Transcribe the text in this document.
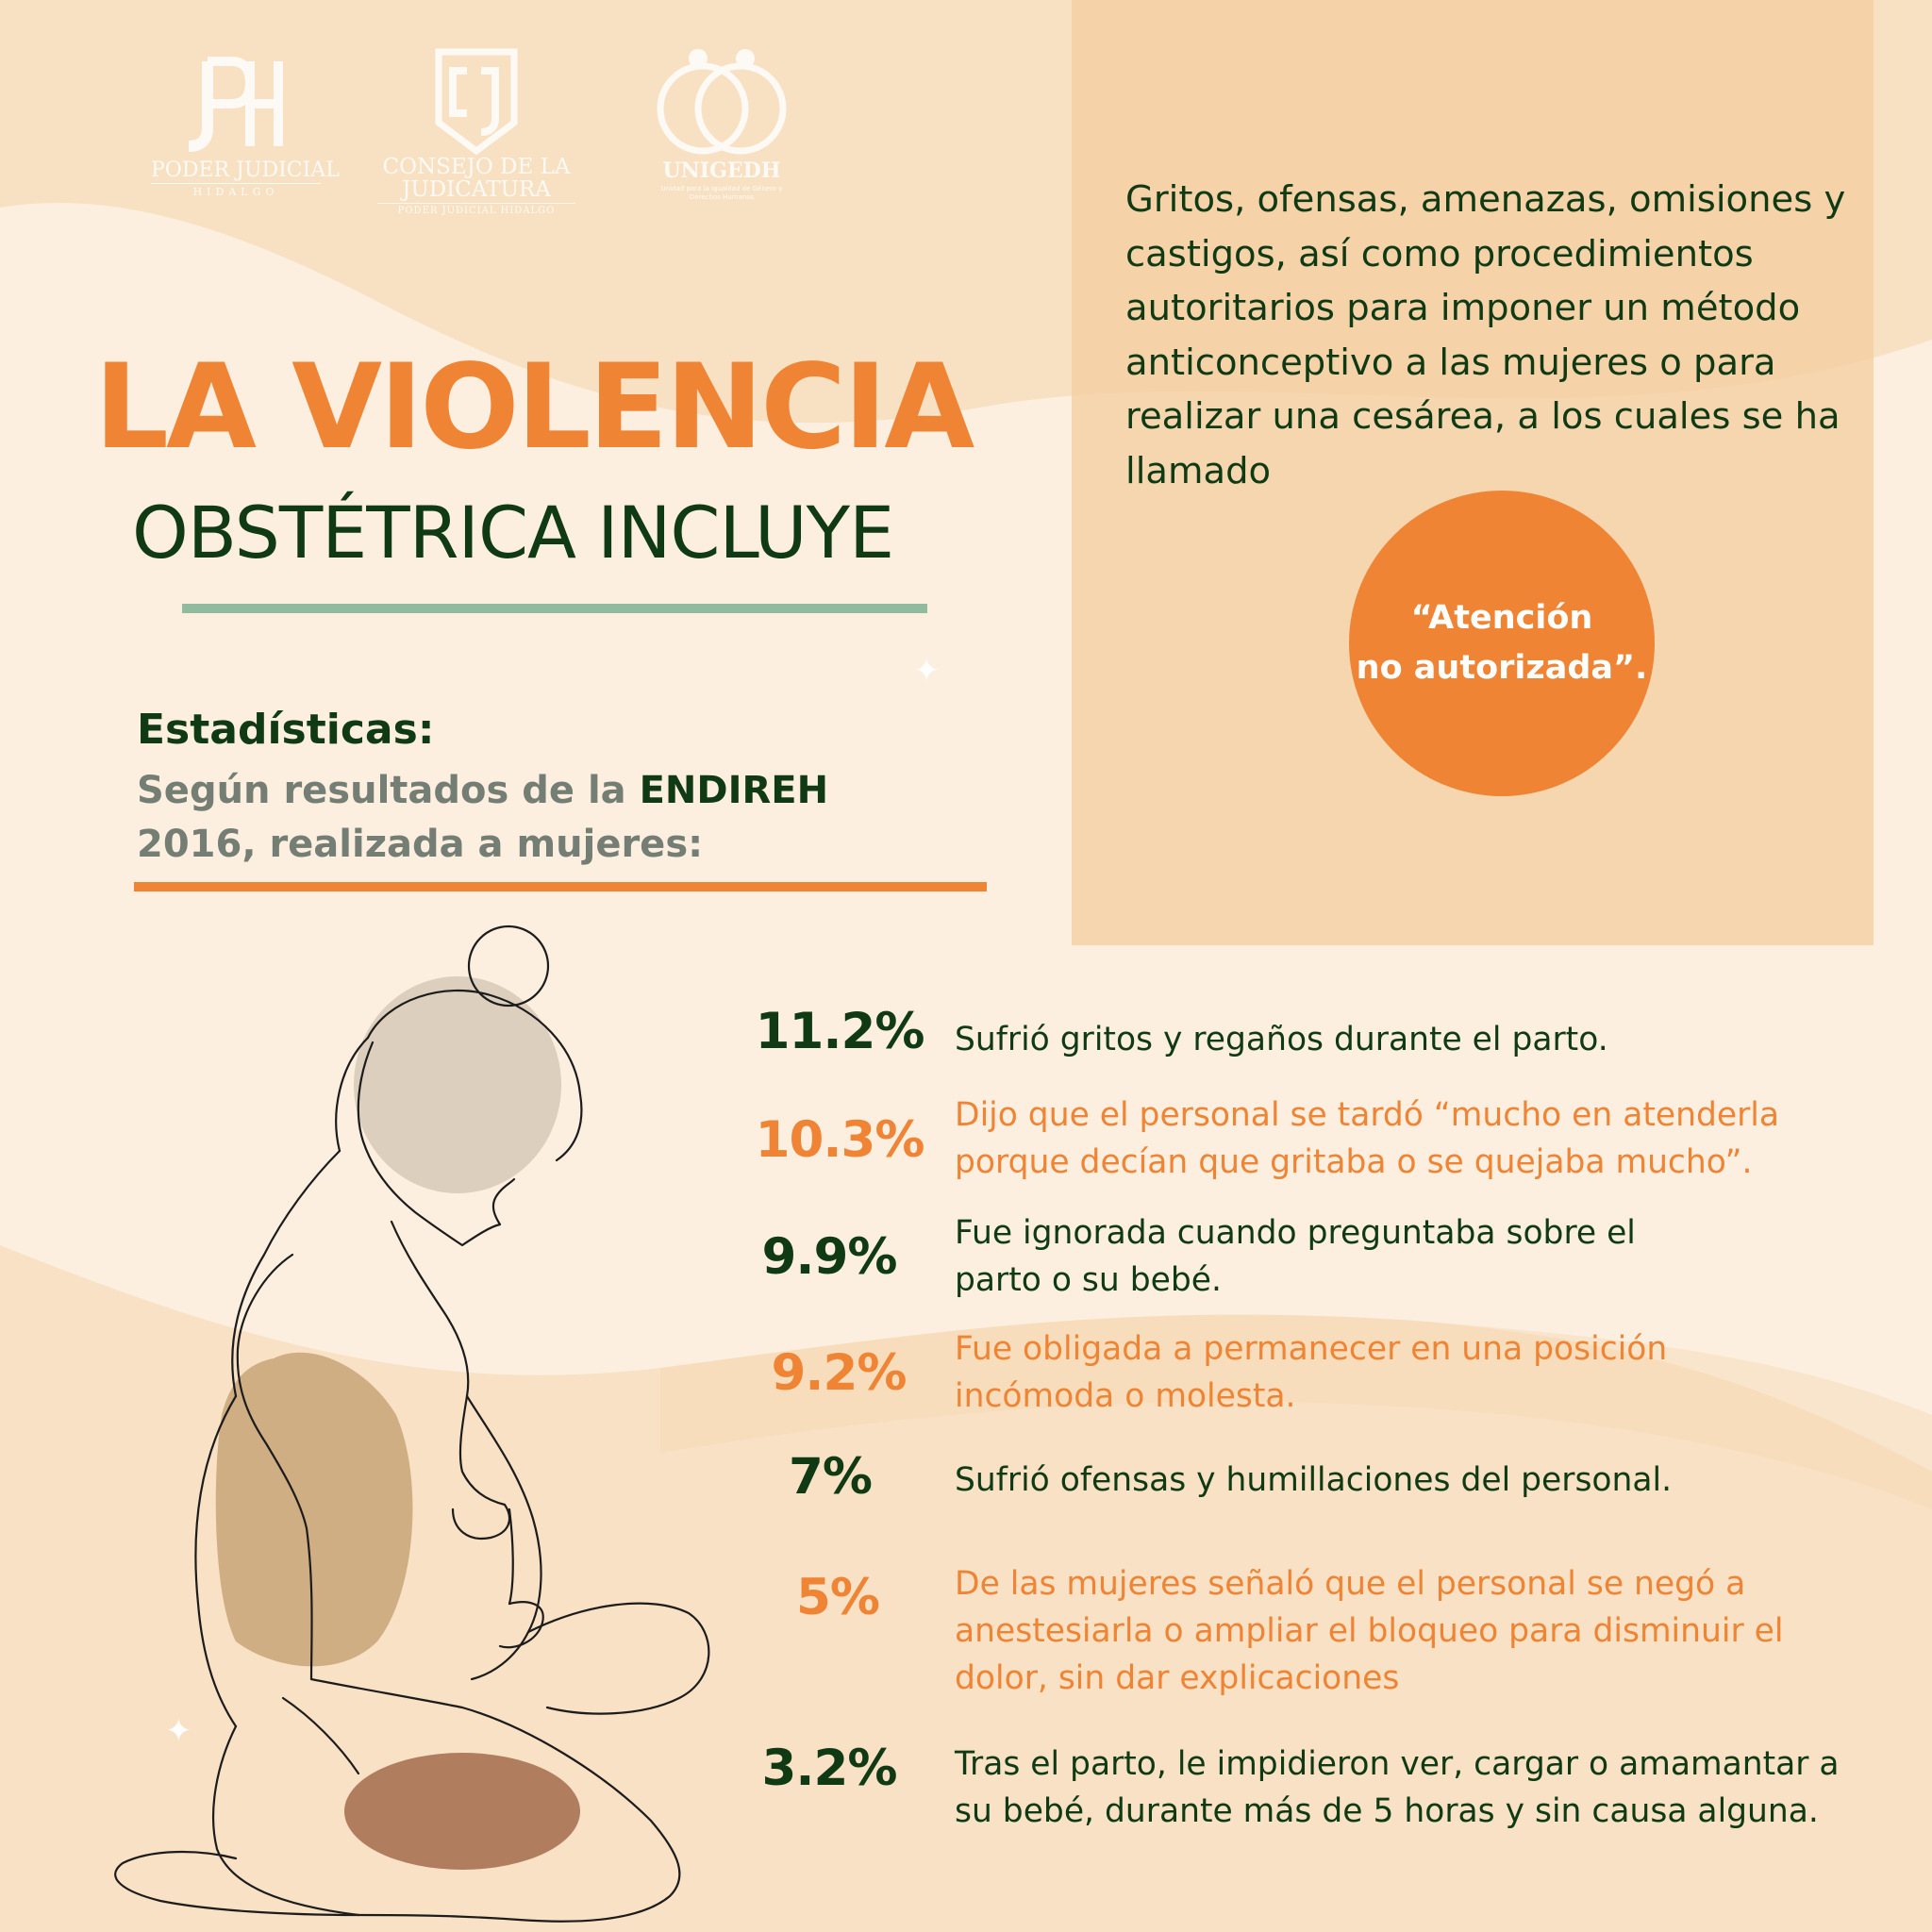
PODER JUDICIAL
HIDALGO
CONSEJO DE LA JUDICATURA
PODER JUDICIAL HIDALGO
UNIGEDH
Unidad para la Igualdad de Género y Derechos Humanos	Gritos, ofensas, amenazas, omisiones y castigos, así como procedimientos autoritarios para imponer un método anticonceptivo a las mujeres o para realizar una cesárea, a los cuales se ha llamado

“Atención
no autorizada”.

LA VIOLENCIA
OBSTÉTRICA INCLUYE
✦
✦
Estadísticas:

Según resultados de la ENDIREH 2016, realizada a mujeres:

11.2% Sufrió gritos y regaños durante el parto.
10.3% Dijo que el personal se tardó “mucho en atenderla porque decían que gritaba o se quejaba mucho”.
9.9%	Fue ignorada cuando preguntaba sobre el parto o su bebé.
9.2%	Fue obligada a permanecer en una posición incómoda o molesta.
7%	Sufrió ofensas y humillaciones del personal.
5%	De las mujeres señaló que el personal se negó a anestesiarla o ampliar el bloqueo para disminuir el dolor, sin dar explicaciones
3.2%	Tras el parto, le impidieron ver, cargar o amamantar a su bebé, durante más de 5 horas y sin causa alguna.
